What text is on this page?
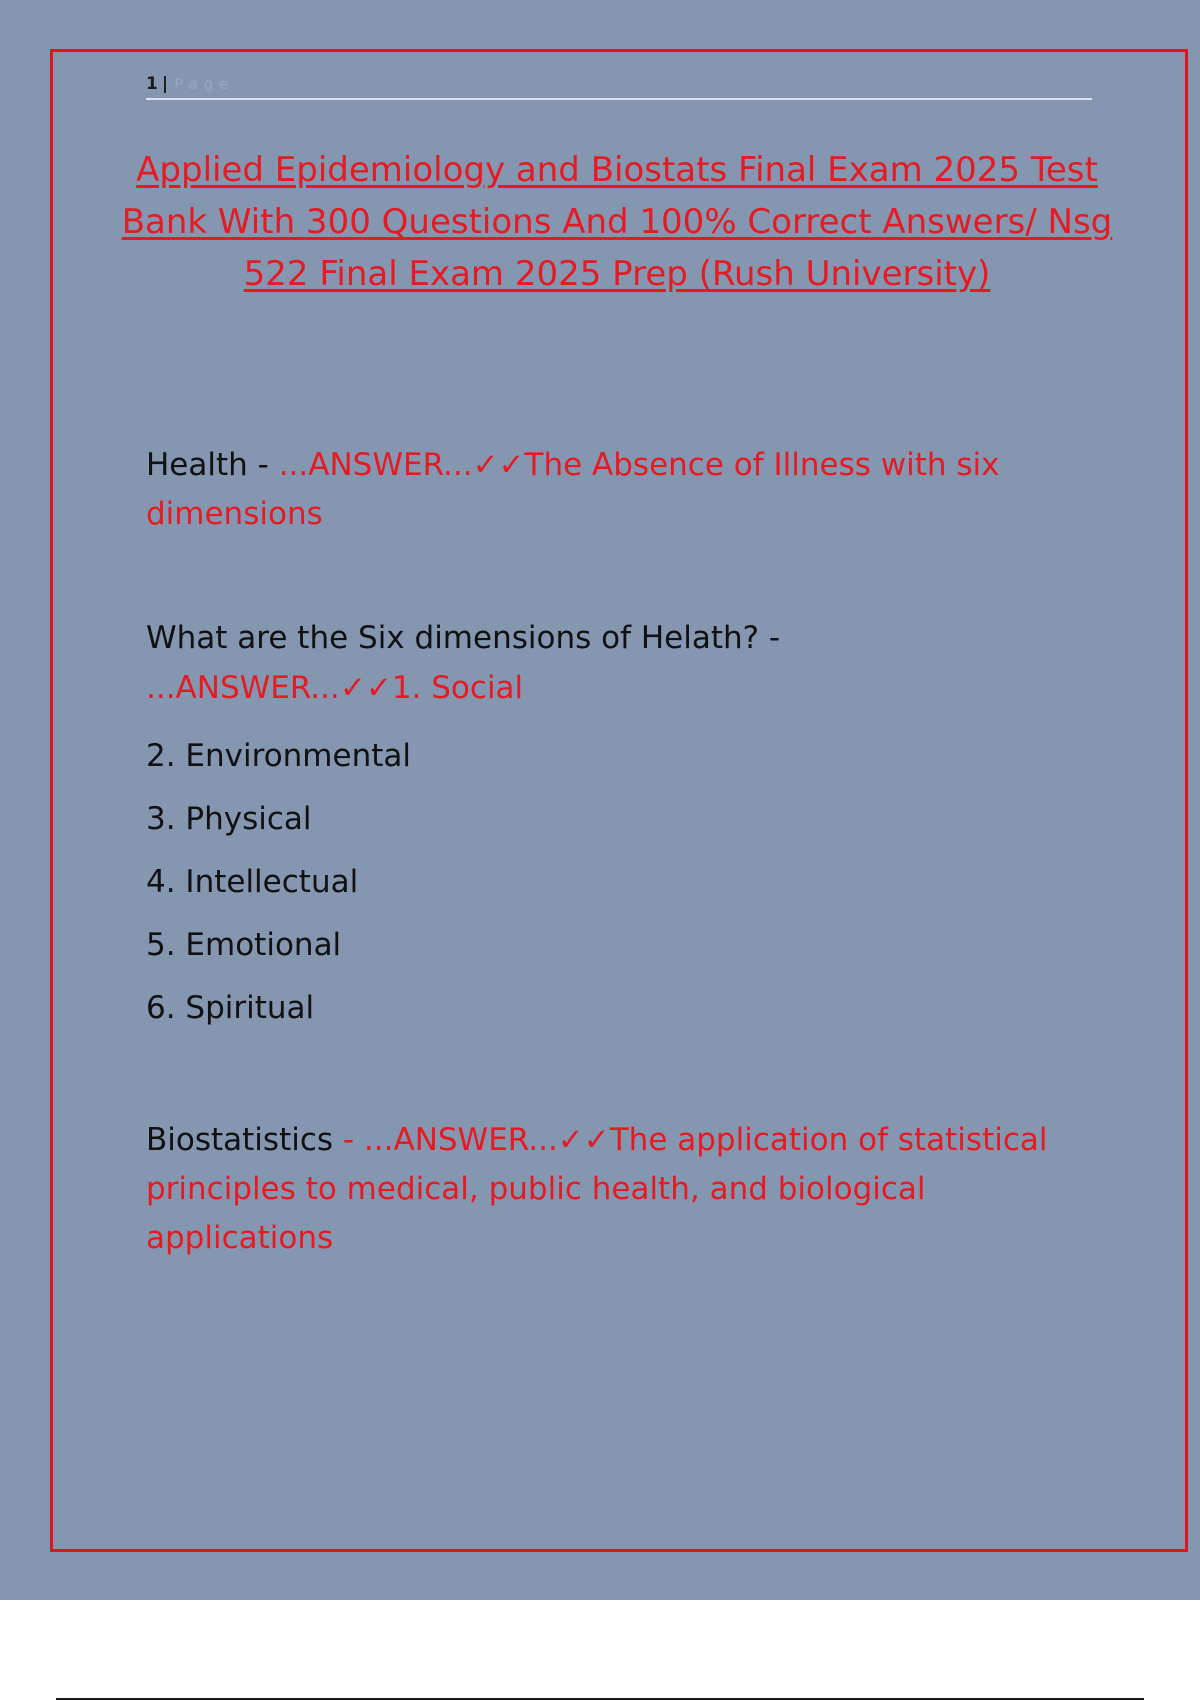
1 | Page
Applied Epidemiology and Biostats Final Exam 2025 Test Bank With 300 Questions And 100% Correct Answers/ Nsg 522 Final Exam 2025 Prep (Rush University)
Health - ...ANSWER...✓✓The Absence of Illness with six dimensions
What are the Six dimensions of Helath? -
...ANSWER...✓✓1. Social
2. Environmental
3. Physical
4. Intellectual
5. Emotional
6. Spiritual
Biostatistics - ...ANSWER...✓✓The application of statistical principles to medical, public health, and biological applications
